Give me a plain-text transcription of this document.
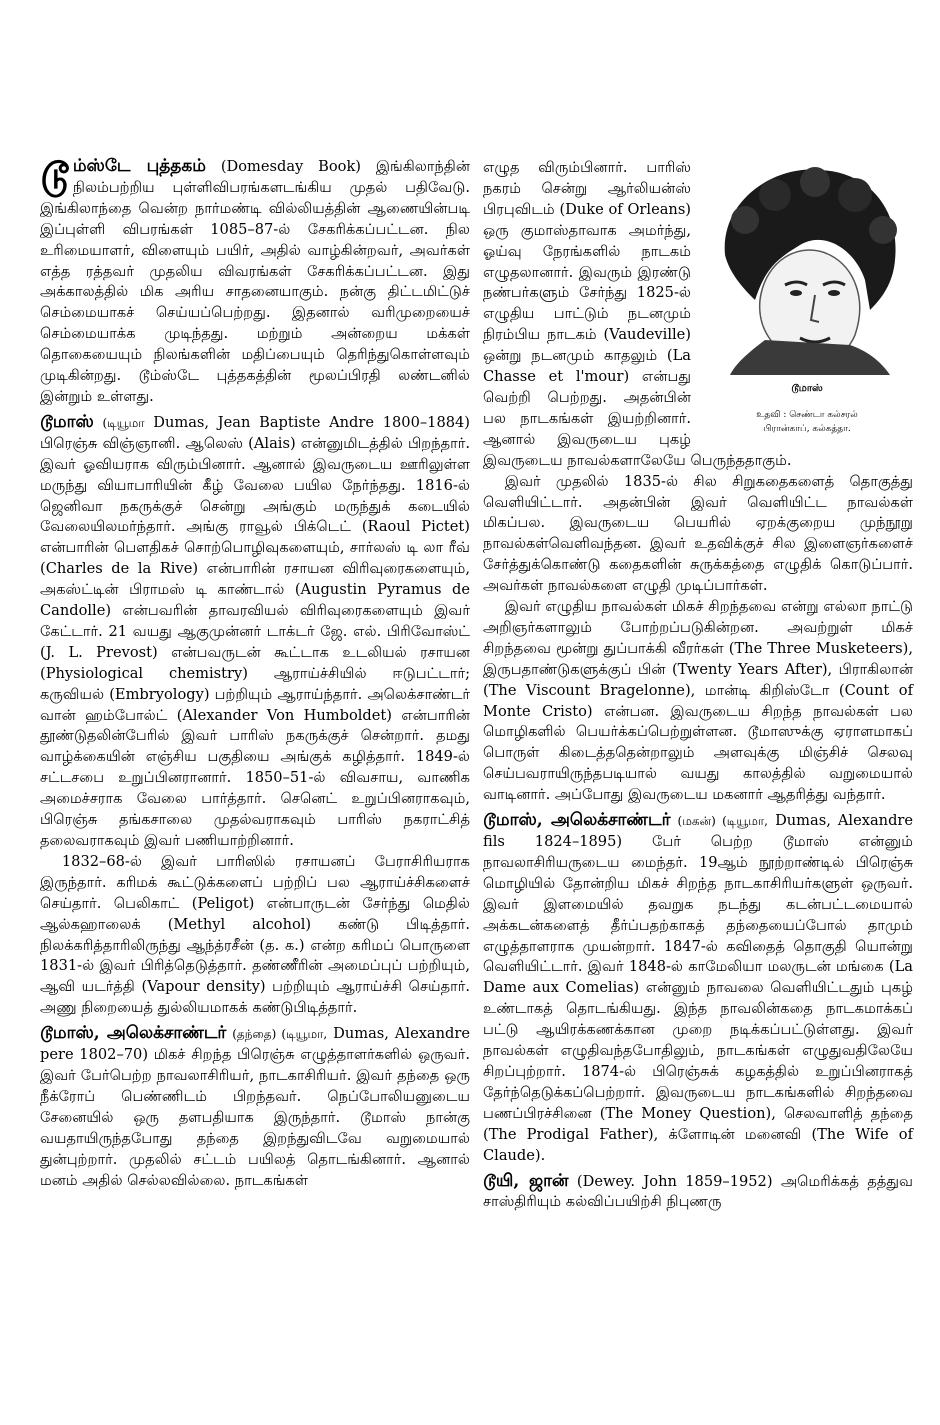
டூம்ஸ்டே புத்தகம் (Domesday Book) இங்கிலாந்தின் நிலம்பற்றிய புள்ளிவிபரங்களடங்கிய முதல் பதிவேடு. இங்கிலாந்தை வென்ற நார்மண்டி வில்லியத்தின் ஆணையின்படி இப்புள்ளி விபரங்கள் 1085–87-ல் சேகரிக்கப்பட்டன. நில உரிமையாளர், விளையும் பயிர், அதில் வாழ்கின்றவர், அவர்கள் எத்த ரத்தவர் முதலிய விவரங்கள் சேகரிக்கப்பட்டன. இது அக்காலத்தில் மிக அரிய சாதனையாகும். நன்கு திட்டமிட்டுச் செம்மையாகச் செய்யப்பெற்றது. இதனால் வரிமுறையைச் செம்மையாக்க முடிந்தது. மற்றும் அன்றைய மக்கள் தொகையையும் நிலங்களின் மதிப்பையும் தெரிந்துகொள்ளவும் முடிகின்றது. டூம்ஸ்டே புத்தகத்தின் மூலப்பிரதி லண்டனில் இன்றும் உள்ளது.

டூமாஸ் (டியூமா Dumas, Jean Baptiste Andre 1800–1884) பிரெஞ்சு விஞ்ஞானி. ஆலெஸ் (Alais) என்னுமிடத்தில் பிறந்தார். இவர் ஓவியராக விரும்பினார். ஆனால் இவருடைய ஊரிலுள்ள மருந்து வியாபாரியின் கீழ் வேலை பயில நேர்ந்தது. 1816-ல் ஜெனிவா நகருக்குச் சென்று அங்கும் மருந்துக் கடையில் வேலையிலமர்ந்தார். அங்கு ராவூல் பிக்டெட் (Raoul Pictet) என்பாரின் பௌதிகச் சொற்பொழிவுகளையும், சார்லஸ் டி லா ரீவ் (Charles de la Rive) என்பாரின் ரசாயன விரிவுரைகளையும், அகஸ்ட்டின் பிராமஸ் டி காண்டால் (Augustin Pyramus de Candolle) என்பவரின் தாவரவியல் விரிவுரைகளையும் இவர் கேட்டார். 21 வயது ஆகுமுன்னர் டாக்டர் ஜே. எல். பிரிவோஸ்ட் (J. L. Prevost) என்பவருடன் கூட்டாக உடலியல் ரசாயன (Physiological chemistry) ஆராய்ச்சியில் ஈடுபட்டார்; கருவியல் (Embryology) பற்றியும் ஆராய்ந்தார். அலெக்சாண்டர் வான் ஹம்போல்ட் (Alexander Von Humboldet) என்பாரின் தூண்டுதலின்பேரில் இவர் பாரிஸ் நகருக்குச் சென்றார். தமது வாழ்க்கையின் எஞ்சிய பகுதியை அங்குக் கழித்தார். 1849-ல் சட்டசபை உறுப்பினரானார். 1850–51-ல் விவசாய, வாணிக அமைச்சராக வேலை பார்த்தார். செனெட் உறுப்பினராகவும், பிரெஞ்சு தங்கசாலை முதல்வராகவும் பாரிஸ் நகராட்சித் தலைவராகவும் இவர் பணியாற்றினார்.

1832–68-ல் இவர் பாரிஸில் ரசாயனப் பேராசிரியராக இருந்தார். கரிமக் கூட்டுக்களைப் பற்றிப் பல ஆராய்ச்சிகளைச் செய்தார். பெலிகாட் (Peligot) என்பாருடன் சேர்ந்து மெதில் ஆல்கஹாலைக் (Methyl alcohol) கண்டு பிடித்தார். நிலக்கரித்தாரிலிருந்து ஆந்த்ரசீன் (த. க.) என்ற கரிமப் பொருளை 1831-ல் இவர் பிரித்தெடுத்தார். தண்ணீரின் அமைப்புப் பற்றியும், ஆவி யடர்த்தி (Vapour density) பற்றியும் ஆராய்ச்சி செய்தார். அணு நிறையைத் துல்லியமாகக் கண்டுபிடித்தார்.

டூமாஸ், அலெக்சாண்டர் (தந்தை) (டியூமா, Dumas, Alexandre pere 1802–70) மிகச் சிறந்த பிரெஞ்சு எழுத்தாளர்களில் ஒருவர். இவர் பேர்பெற்ற நாவலாசிரியர், நாடகாசிரியர். இவர் தந்தை ஒரு நீக்ரோப் பெண்ணிடம் பிறந்தவர். நெப்போலியனுடைய சேனையில் ஒரு தளபதியாக இருந்தார். டூமாஸ் நான்கு வயதாயிருந்தபோது தந்தை இறந்துவிடவே வறுமையால் துன்புற்றார். முதலில் சட்டம் பயிலத் தொடங்கினார். ஆனால் மனம் அதில் செல்லவில்லை. நாடகங்கள்

டூமாஸ்
உதவி : செண்டா கல்சரல்
பிரான்காப், கல்கத்தா.

எழுத விரும்பினார். பாரிஸ் நகரம் சென்று ஆர்லியன்ஸ் பிரபுவிடம் (Duke of Orleans) ஒரு குமாஸ்தாவாக அமர்ந்து, ஓய்வு நேரங்களில் நாடகம் எழுதலானார். இவரும் இரண்டு நண்பர்களும் சேர்ந்து 1825-ல் எழுதிய பாட்டும் நடனமும் நிரம்பிய நாடகம் (Vaudeville) ஒன்று நடனமும் காதலும் (La Chasse et l'mour) என்பது வெற்றி பெற்றது. அதன்பின் பல நாடகங்கள் இயற்றினார். ஆனால் இவருடைய புகழ் இவருடைய நாவல்களாலேயே பெருந்ததாகும்.

இவர் முதலில் 1835-ல் சில சிறுகதைகளைத் தொகுத்து வெளியிட்டார். அதன்பின் இவர் வெளியிட்ட நாவல்கள் மிகப்பல. இவருடைய பெயரில் ஏறக்குறைய முந்நூறு நாவல்கள்வெளிவந்தன. இவர் உதவிக்குச் சில இளைஞர்களைச் சேர்த்துக்கொண்டு கதைகளின் சுருக்கத்தை எழுதிக் கொடுப்பார். அவர்கள் நாவல்களை எழுதி முடிப்பார்கள்.

இவர் எழுதிய நாவல்கள் மிகச் சிறந்தவை என்று எல்லா நாட்டு அறிஞர்களாலும் போற்றப்படுகின்றன. அவற்றுள் மிகச் சிறந்தவை மூன்று துப்பாக்கி வீரர்கள் (The Three Musketeers), இருபதாண்டுகளுக்குப் பின் (Twenty Years After), பிராகிலான் (The Viscount Bragelonne), மான்டி கிறிஸ்டோ (Count of Monte Cristo) என்பன. இவருடைய சிறந்த நாவல்கள் பல மொழிகளில் பெயர்க்கப்பெற்றுள்ளன. டூமாஸுக்கு ஏராளமாகப் பொருள் கிடைத்ததென்றாலும் அளவுக்கு மிஞ்சிச் செலவு செய்பவராயிருந்தபடியால் வயது காலத்தில் வறுமையால் வாடினார். அப்போது இவருடைய மகனார் ஆதரித்து வந்தார்.

டூமாஸ், அலெக்சாண்டர் (மகன்) (டியூமா, Dumas, Alexandre fils 1824–1895) பேர் பெற்ற டூமாஸ் என்னும் நாவலாசிரியருடைய மைந்தர். 19ஆம் நூற்றாண்டில் பிரெஞ்சு மொழியில் தோன்றிய மிகச் சிறந்த நாடகாசிரியர்களுள் ஒருவர். இவர் இளமையில் தவறுக நடந்து கடன்பட்டமையால் அக்கடன்களைத் தீர்ப்பதற்காகத் தந்தையைப்போல் தாமும் எழுத்தாளராக முயன்றார். 1847-ல் கவிதைத் தொகுதி யொன்று வெளியிட்டார். இவர் 1848-ல் காமேலியா மலருடன் மங்கை (La Dame aux Comelias) என்னும் நாவலை வெளியிட்டதும் புகழ் உண்டாகத் தொடங்கியது. இந்த நாவலின்கதை நாடகமாக்கப் பட்டு ஆயிரக்கணக்கான முறை நடிக்கப்பட்டுள்ளது. இவர் நாவல்கள் எழுதிவந்தபோதிலும், நாடகங்கள் எழுதுவதிலேயே சிறப்புற்றார். 1874-ல் பிரெஞ்சுக் கழகத்தில் உறுப்பினராகத் தேர்ந்தெடுக்கப்பெற்றார். இவருடைய நாடகங்களில் சிறந்தவை பணப்பிரச்சினை (The Money Question), செலவாளித் தந்தை (The Prodigal Father), க்ளோடின் மனைவி (The Wife of Claude).

டூயி, ஜான் (Dewey. John 1859–1952) அமெரிக்கத் தத்துவ சாஸ்திரியும் கல்விப்பயிற்சி நிபுணரு
